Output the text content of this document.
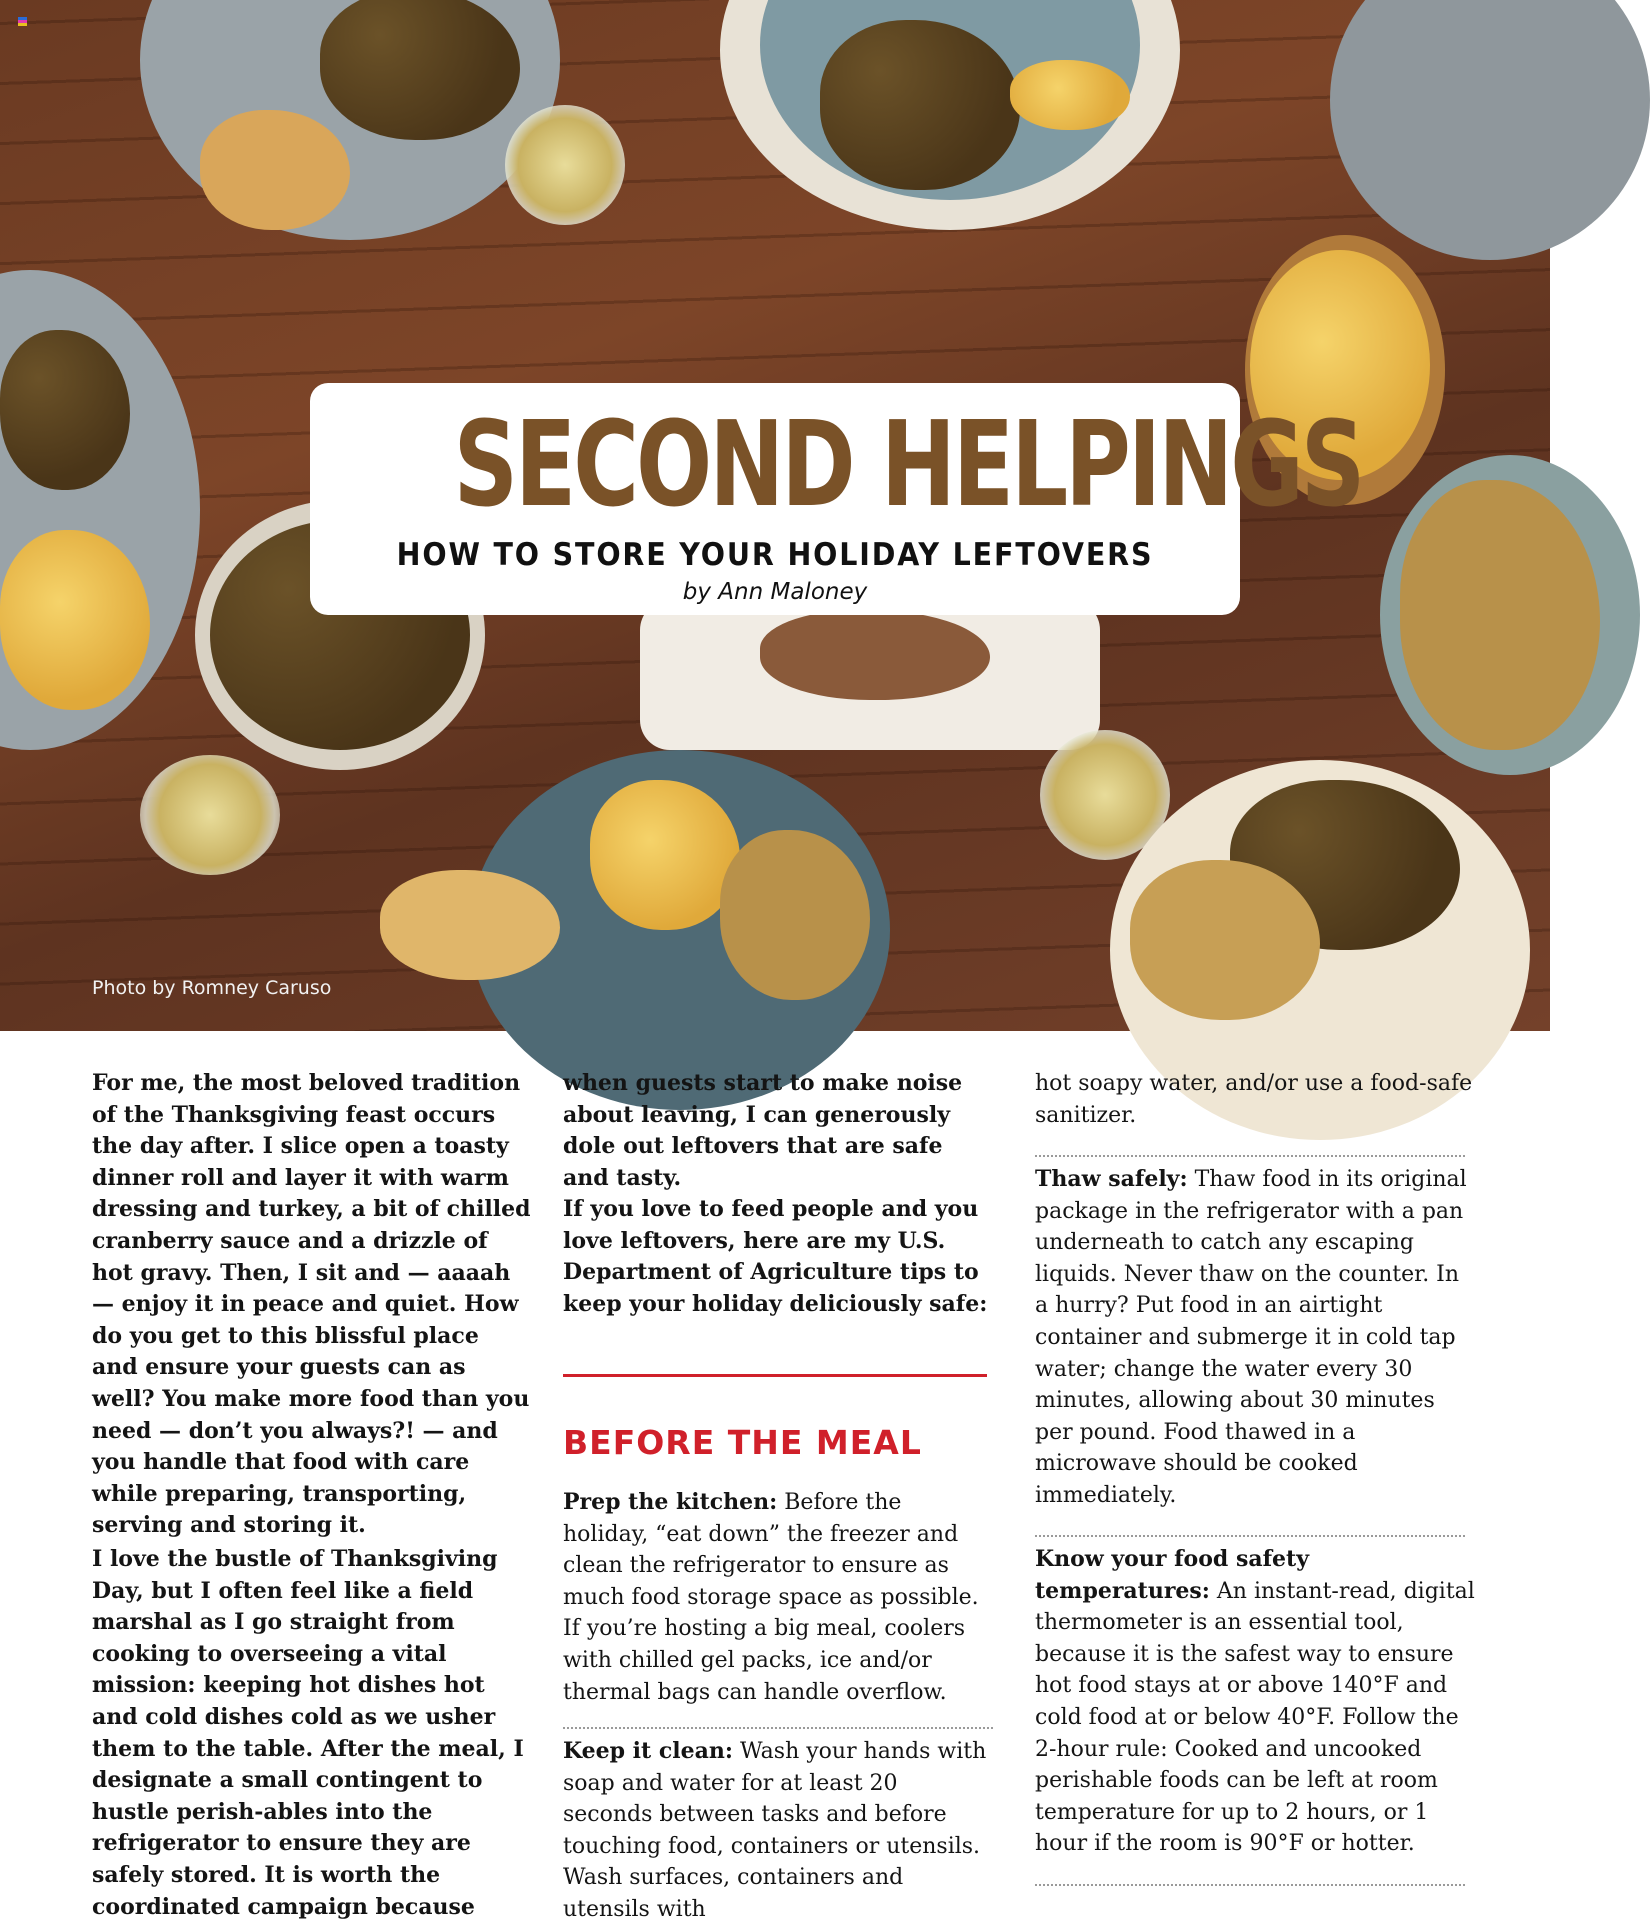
SECOND HELPINGS
HOW TO STORE YOUR HOLIDAY LEFTOVERS
by Ann Maloney
Photo by Romney Caruso

For me, the most beloved tradition of the Thanksgiving feast occurs the day after. I slice open a toasty dinner roll and layer it with warm dressing and turkey, a bit of chilled cranberry sauce and a drizzle of hot gravy. Then, I sit and — aaaah — enjoy it in peace and quiet. How do you get to this blissful place and ensure your guests can as well? You make more food than you need — don’t you always?! — and you handle that food with care while preparing, transporting, serving and storing it.

I love the bustle of Thanksgiving Day, but I often feel like a field marshal as I go straight from cooking to overseeing a vital mission: keeping hot dishes hot and cold dishes cold as we usher them to the table. After the meal, I designate a small contingent to hustle perish-ables into the refrigerator to ensure they are safely stored. It is worth the coordinated campaign because

when guests start to make noise about leaving, I can generously dole out leftovers that are safe and tasty.

If you love to feed people and you love leftovers, here are my U.S. Department of Agriculture tips to keep your holiday deliciously safe:

BEFORE THE MEAL

Prep the kitchen: Before the holiday, “eat down” the freezer and clean the refrigerator to ensure as much food storage space as possible. If you’re hosting a big meal, coolers with chilled gel packs, ice and/or thermal bags can handle overflow.

Keep it clean: Wash your hands with soap and water for at least 20 seconds between tasks and before touching food, containers or utensils. Wash surfaces, containers and utensils with

hot soapy water, and/or use a food-safe sanitizer.

Thaw safely: Thaw food in its original package in the refrigerator with a pan underneath to catch any escaping liquids. Never thaw on the counter. In a hurry? Put food in an airtight container and submerge it in cold tap water; change the water every 30 minutes, allowing about 30 minutes per pound. Food thawed in a microwave should be cooked immediately.

Know your food safety temperatures: An instant-read, digital thermometer is an essential tool, because it is the safest way to ensure hot food stays at or above 140°F and cold food at or below 40°F. Follow the 2-hour rule: Cooked and uncooked perishable foods can be left at room temperature for up to 2 hours, or 1 hour if the room is 90°F or hotter.
